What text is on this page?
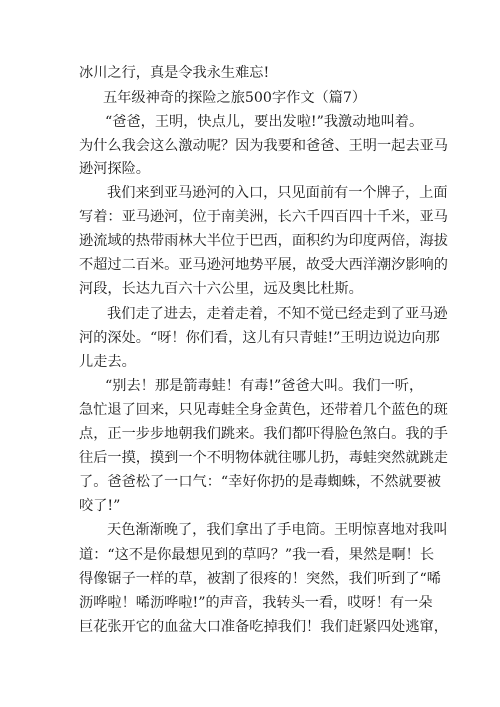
冰川之行，真是令我永生难忘!
五年级神奇的探险之旅500字作文（篇7）
“爸爸，王明，快点儿，要出发啦!”我激动地叫着。
为什么我会这么激动呢？因为我要和爸爸、王明一起去亚马
逊河探险。
我们来到亚马逊河的入口，只见面前有一个牌子，上面
写着：亚马逊河，位于南美洲，长六千四百四十千米，亚马
逊流域的热带雨林大半位于巴西，面积约为印度两倍，海拔
不超过二百米。亚马逊河地势平展，故受大西洋潮汐影响的
河段，长达九百六十六公里，远及奥比杜斯。
我们走了进去，走着走着，不知不觉已经走到了亚马逊
河的深处。“呀！你们看，这儿有只青蛙!”王明边说边向那
儿走去。
“别去！那是箭毒蛙！有毒!”爸爸大叫。我们一听，
急忙退了回来，只见毒蛙全身金黄色，还带着几个蓝色的斑
点，正一步步地朝我们跳来。我们都吓得脸色煞白。我的手
往后一摸，摸到一个不明物体就往哪儿扔，毒蛙突然就跳走
了。爸爸松了一口气：“幸好你扔的是毒蜘蛛，不然就要被
咬了!”
天色渐渐晚了，我们拿出了手电筒。王明惊喜地对我叫
道：“这不是你最想见到的草吗？”我一看，果然是啊！长
得像锯子一样的草，被割了很疼的！突然，我们听到了“唏
沥哗啦！唏沥哗啦!”的声音，我转头一看，哎呀！有一朵
巨花张开它的血盆大口准备吃掉我们！我们赶紧四处逃窜，
